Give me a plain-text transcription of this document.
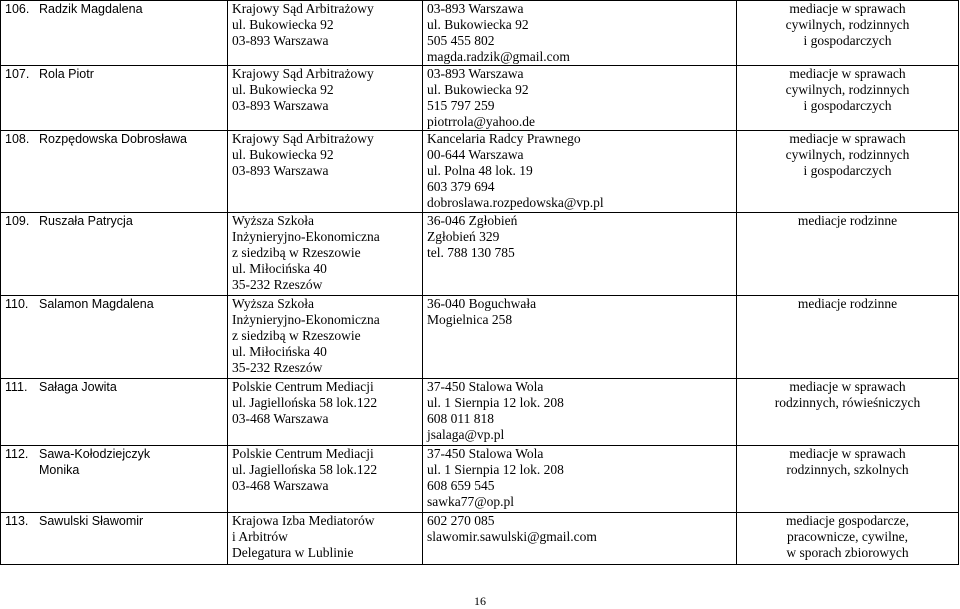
106. Radzik Magdalena	Krajowy Sąd Arbitrażowy
ul. Bukowiecka 92
03-893 Warszawa	03-893 Warszawa
ul. Bukowiecka 92
505 455 802
magda.radzik@gmail.com	mediacje w sprawach
cywilnych, rodzinnych
i gospodarczych

107. Rola Piotr	Krajowy Sąd Arbitrażowy
ul. Bukowiecka 92
03-893 Warszawa	03-893 Warszawa
ul. Bukowiecka 92
515 797 259
piotrrola@yahoo.de	mediacje w sprawach
cywilnych, rodzinnych
i gospodarczych

108. Rozpędowska Dobrosława	Krajowy Sąd Arbitrażowy
ul. Bukowiecka 92
03-893 Warszawa	Kancelaria Radcy Prawnego
00-644 Warszawa
ul. Polna 48 lok. 19
603 379 694
dobroslawa.rozpedowska@vp.pl	mediacje w sprawach
cywilnych, rodzinnych
i gospodarczych

109. Ruszała Patrycja	Wyższa Szkoła
Inżynieryjno-Ekonomiczna
z siedzibą w Rzeszowie
ul. Miłocińska 40
35-232 Rzeszów	36-046 Zgłobień
Zgłobień 329
tel. 788 130 785	mediacje rodzinne

110. Salamon Magdalena	Wyższa Szkoła
Inżynieryjno-Ekonomiczna
z siedzibą w Rzeszowie
ul. Miłocińska 40
35-232 Rzeszów	36-040 Boguchwała
Mogielnica 258	mediacje rodzinne

111. Sałaga Jowita	Polskie Centrum Mediacji
ul. Jagiellońska 58 lok.122
03-468 Warszawa	37-450 Stalowa Wola
ul. 1 Siernpia 12 lok. 208
608 011 818
jsalaga@vp.pl	mediacje w sprawach
rodzinnych, rówieśniczych

112. Sawa-Kołodziejczyk
Monika	Polskie Centrum Mediacji
ul. Jagiellońska 58 lok.122
03-468 Warszawa	37-450 Stalowa Wola
ul. 1 Siernpia 12 lok. 208
608 659 545
sawka77@op.pl	mediacje w sprawach
rodzinnych, szkolnych

113. Sawulski Sławomir	Krajowa Izba Mediatorów
i Arbitrów
Delegatura w Lublinie	602 270 085
slawomir.sawulski@gmail.com	mediacje gospodarcze,
pracownicze, cywilne,
w sporach zbiorowych
16
